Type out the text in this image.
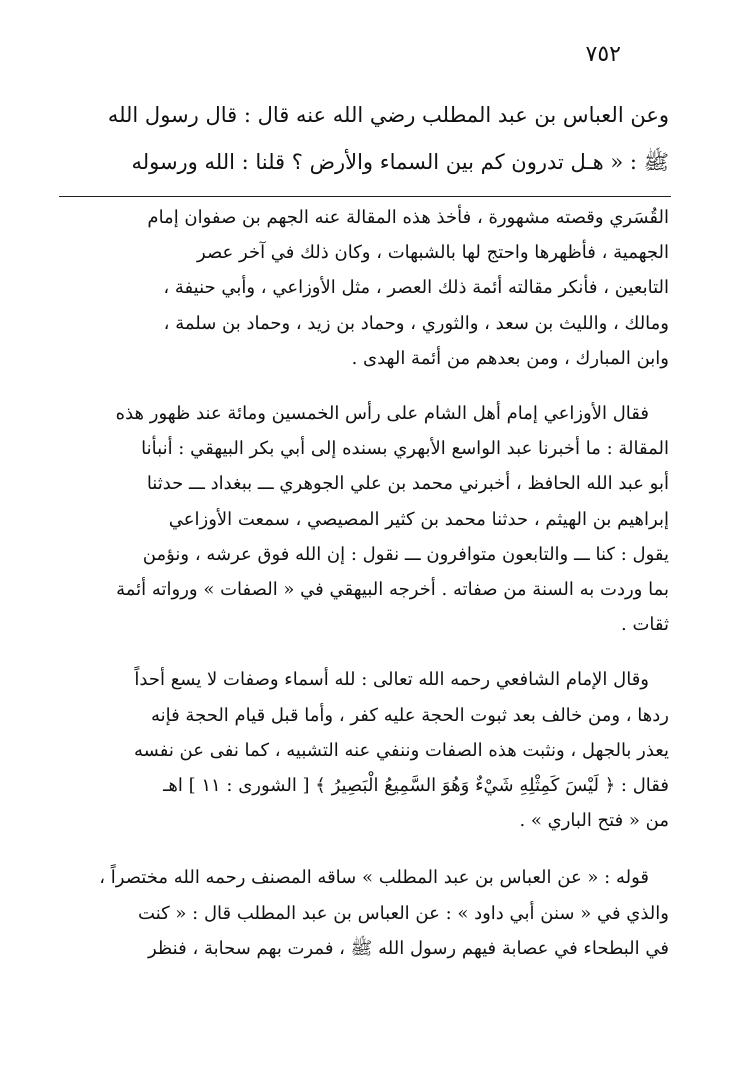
٧٥٢
وعن العباس بن عبد المطلب رضي الله عنه قال : قال رسول الله
ﷺ : « هـل تدرون كم بين السماء والأرض ؟ قلنا : الله ورسوله
القُسَري وقصته مشهورة ، فأخذ هذه المقالة عنه الجهم بن صفوان إمام
الجهمية ، فأظهرها واحتج لها بالشبهات ، وكان ذلك في آخر عصر
التابعين ، فأنكر مقالته أئمة ذلك العصر ، مثل الأوزاعي ، وأبي حنيفة ،
ومالك ، والليث بن سعد ، والثوري ، وحماد بن زيد ، وحماد بن سلمة ،
وابن المبارك ، ومن بعدهم من أئمة الهدى .
فقال الأوزاعي إمام أهل الشام على رأس الخمسين ومائة عند ظهور هذه
المقالة : ما أخبرنا عبد الواسع الأبهري بسنده إلى أبي بكر البيهقي : أنبأنا
أبو عبد الله الحافظ ، أخبرني محمد بن علي الجوهري ـــ ببغداد ـــ حدثنا
إبراهيم بن الهيثم ، حدثنا محمد بن كثير المصيصي ، سمعت الأوزاعي
يقول : كنا ـــ والتابعون متوافرون ـــ نقول : إن الله فوق عرشه ، ونؤمن
بما وردت به السنة من صفاته . أخرجه البيهقي في « الصفات » ورواته أئمة
ثقات .
وقال الإمام الشافعي رحمه الله تعالى : لله أسماء وصفات لا يسع أحداً
ردها ، ومن خالف بعد ثبوت الحجة عليه كفر ، وأما قبل قيام الحجة فإنه
يعذر بالجهل ، ونثبت هذه الصفات وننفي عنه التشبيه ، كما نفى عن نفسه
فقال : ﴿ لَيْسَ كَمِثْلِهِ شَيْءٌ وَهُوَ السَّمِيعُ الْبَصِيرُ ﴾ [ الشورى : ١١ ] اهـ
من « فتح الباري » .
قوله : « عن العباس بن عبد المطلب » ساقه المصنف رحمه الله مختصراً ،
والذي في « سنن أبي داود » : عن العباس بن عبد المطلب قال : « كنت
في البطحاء في عصابة فيهم رسول الله ﷺ ، فمرت بهم سحابة ، فنظر
